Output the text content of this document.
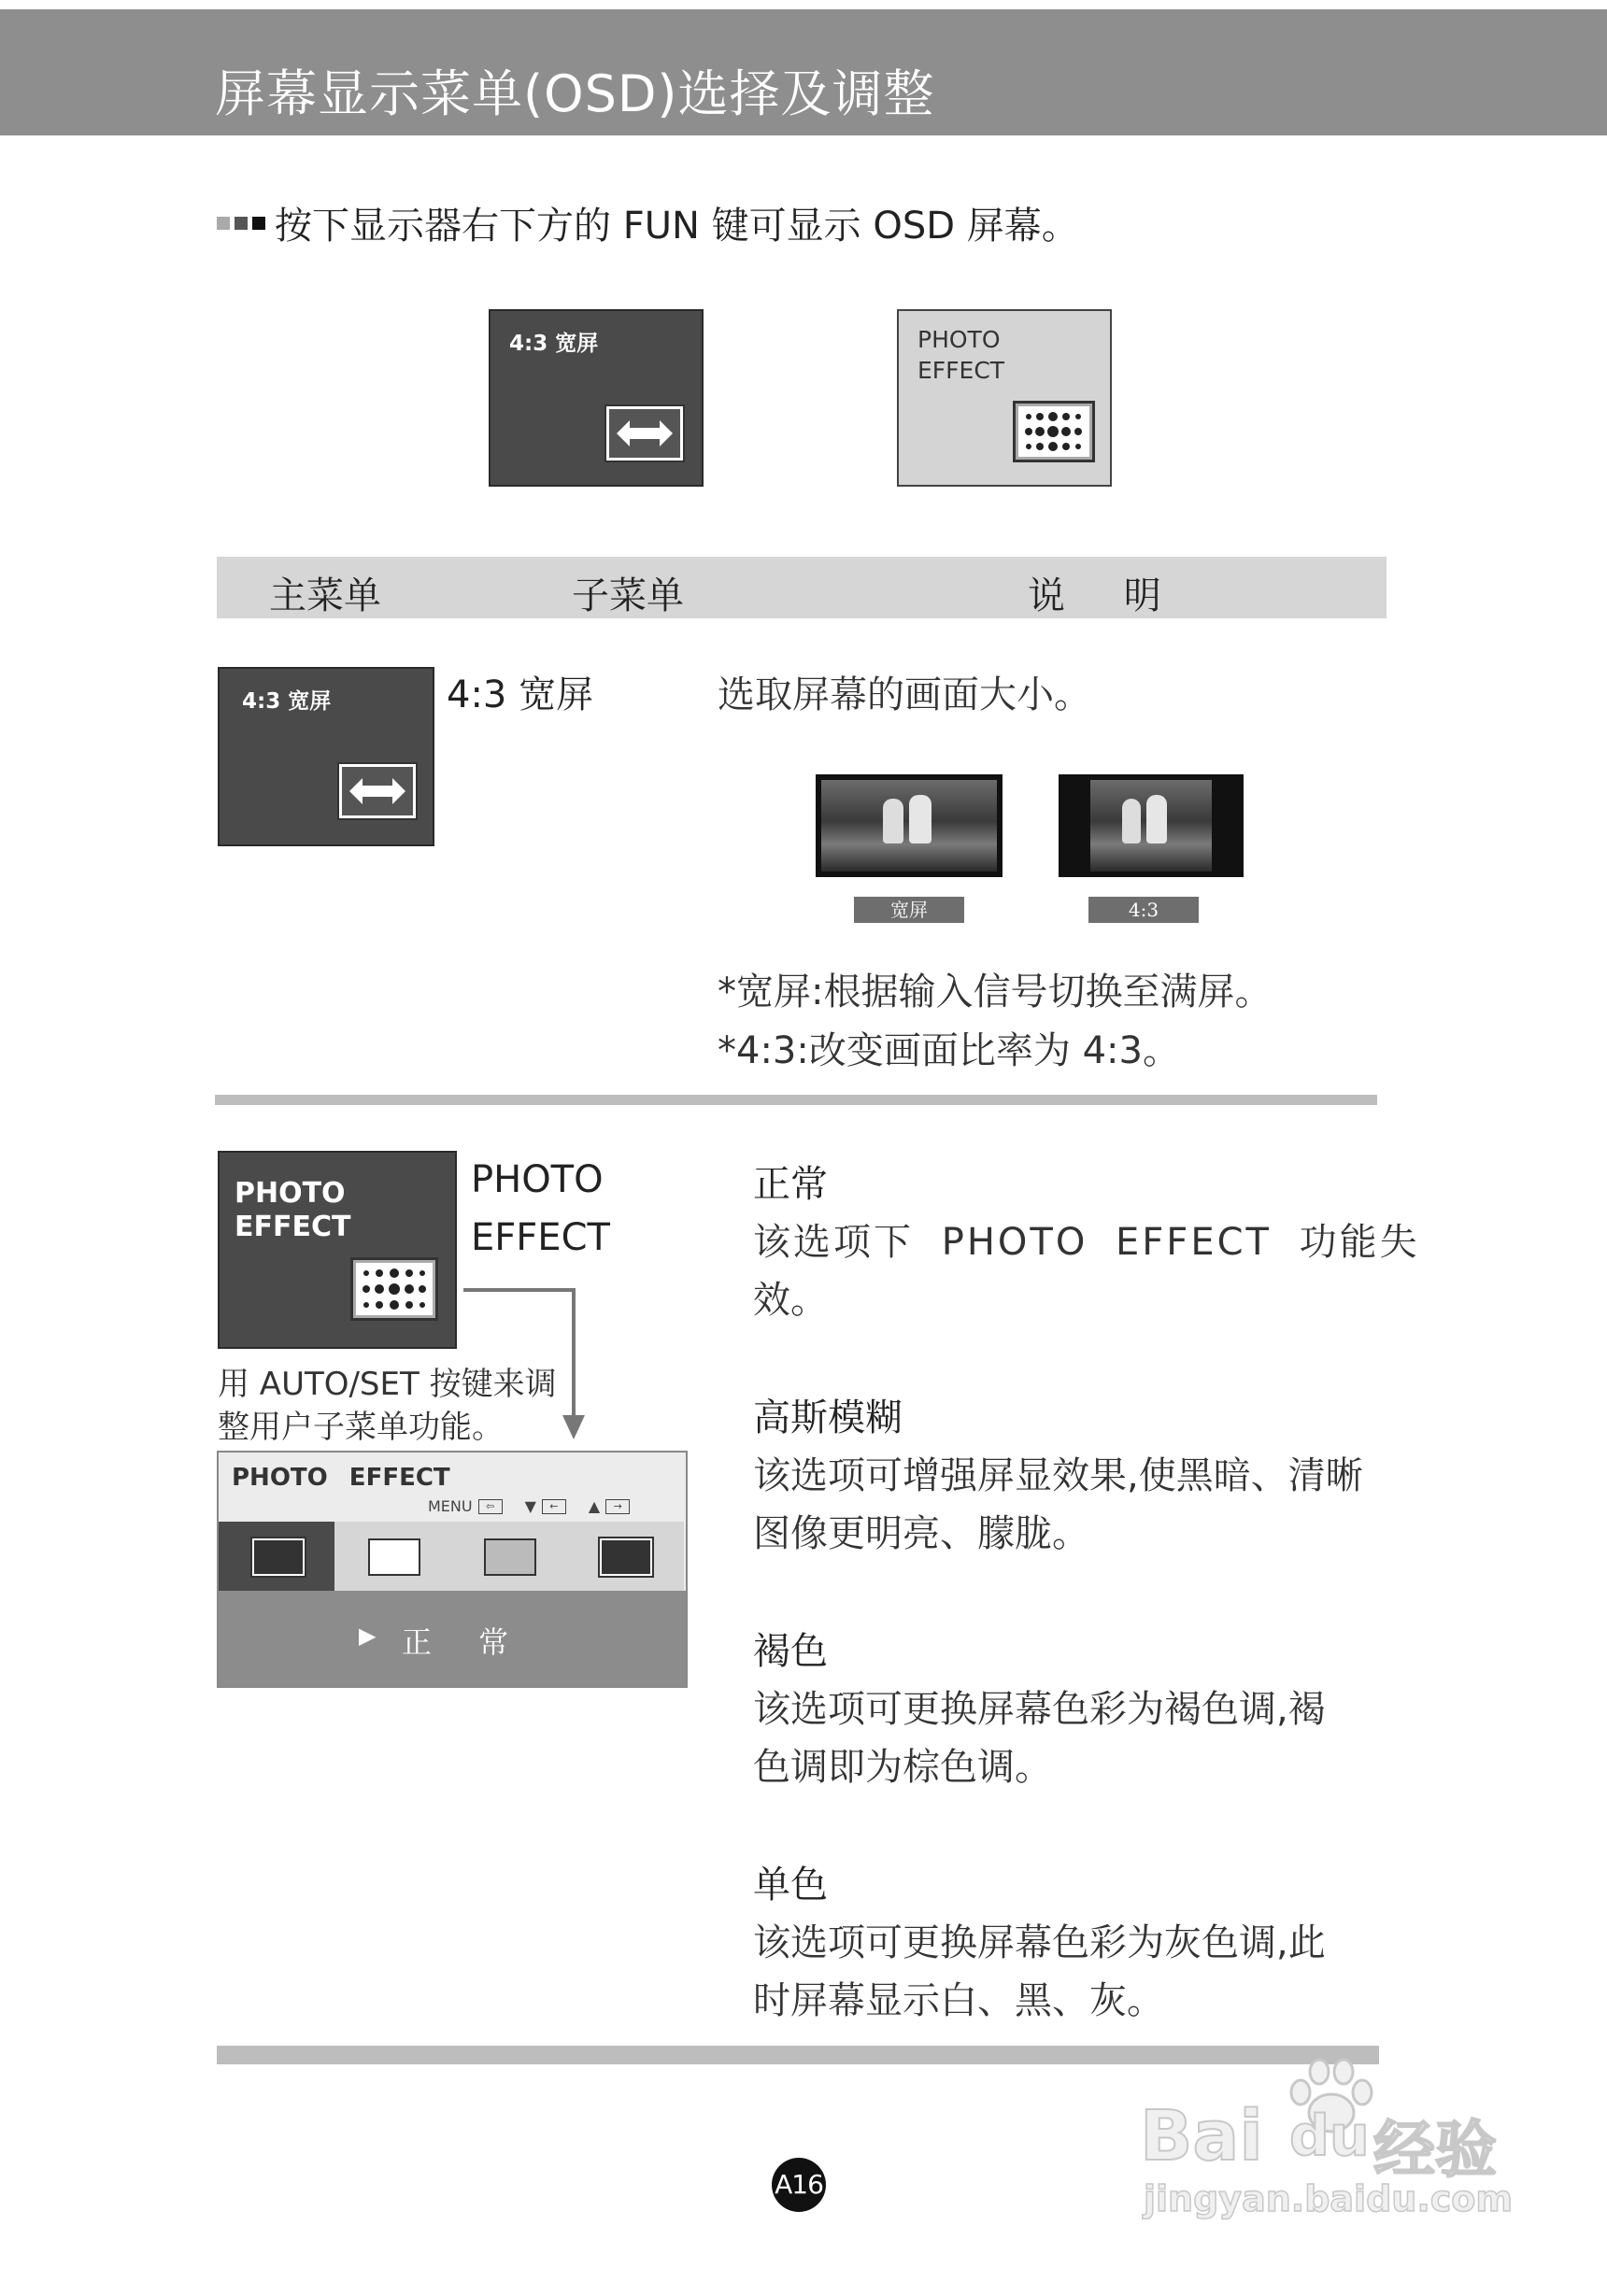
屏幕显示菜单(OSD)选择及调整
按下显示器右下方的 FUN 键可显示 OSD 屏幕。
4:3 宽屏	PHOTO
EFFECT
主菜单	子菜单	说 明
4:3 宽屏	4:3 宽屏	选取屏幕的画面大小。
宽屏	4:3
*宽屏:根据输入信号切换至满屏。
*4:3:改变画面比率为 4:3。
PHOTO
EFFECT
PHOTO
EFFECT
用 AUTO/SET 按键来调
整用户子菜单功能。
PHOTO EFFECT
MENU	⇦	▼	←	▲	→
▶ 正 常
正常
该选项下 PHOTO EFFECT 功能失
效。
高斯模糊
该选项可增强屏显效果,使黑暗、清晰
图像更明亮、朦胧。
褐色
该选项可更换屏幕色彩为褐色调,褐
色调即为棕色调。
单色
该选项可更换屏幕色彩为灰色调,此
时屏幕显示白、黑、灰。
A16
Bai du 经验
jingyan.baidu.com
